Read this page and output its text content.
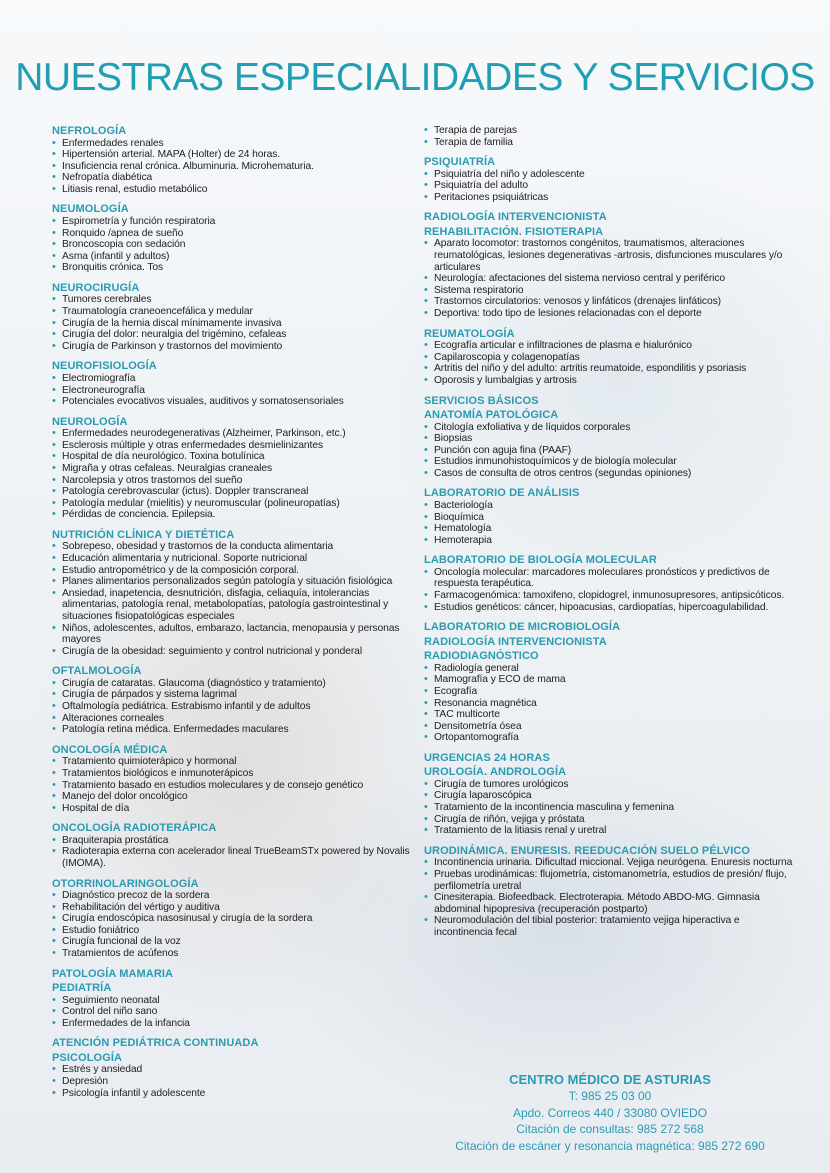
NUESTRAS ESPECIALIDADES Y SERVICIOS
NEFROLOGÍA
• Enfermedades renales
• Hipertensión arterial. MAPA (Holter) de 24 horas.
• Insuficiencia renal crónica. Albuminuria. Microhematuria.
• Nefropatía diabética
• Litiasis renal, estudio metabólico
NEUMOLOGÍA
• Espirometría y función respiratoria
• Ronquido /apnea de sueño
• Broncoscopia con sedación
• Asma (infantil y adultos)
• Bronquitis crónica. Tos
NEUROCIRUGÍA
• Tumores cerebrales
• Traumatología craneoencefálica y medular
• Cirugía de la hernia discal mínimamente invasiva
• Cirugía del dolor: neuralgia del trigémino, cefaleas
• Cirugía de Parkinson y trastornos del movimiento
NEUROFISIOLOGÍA
• Electromiografía
• Electroneurografía
• Potenciales evocativos visuales, auditivos y somatosensoriales
NEUROLOGÍA
• Enfermedades neurodegenerativas (Alzheimer, Parkinson, etc.)
• Esclerosis múltiple y otras enfermedades desmielinizantes
• Hospital de día neurológico. Toxina botulínica
• Migraña y otras cefaleas. Neuralgias craneales
• Narcolepsia y otros trastornos del sueño
• Patología cerebrovascular (ictus). Doppler transcraneal
• Patología medular (mielitis) y neuromuscular (polineuropatías)
• Pérdidas de conciencia. Epilepsia.
NUTRICIÓN CLÍNICA Y DIETÉTICA
• Sobrepeso, obesidad y trastornos de la conducta alimentaria
• Educación alimentaria y nutricional. Soporte nutricional
• Estudio antropométrico y de la composición corporal.
• Planes alimentarios personalizados según patología y situación fisiológica
• Ansiedad, inapetencia, desnutrición, disfagia, celiaquía, intolerancias alimentarias, patología renal, metabolopatías, patología gastrointestinal y situaciones fisiopatológicas especiales
• Niños, adolescentes, adultos, embarazo, lactancia, menopausia y personas mayores
• Cirugía de la obesidad: seguimiento y control nutricional y ponderal
OFTALMOLOGÍA
• Cirugía de cataratas. Glaucoma (diagnóstico y tratamiento)
• Cirugía de párpados y sistema lagrimal
• Oftalmología pediátrica. Estrabismo infantil y de adultos
• Alteraciones corneales
• Patología retina médica. Enfermedades maculares
ONCOLOGÍA MÉDICA
• Tratamiento quimioterápico y hormonal
• Tratamientos biológicos e inmunoterápicos
• Tratamiento basado en estudios moleculares y de consejo genético
• Manejo del dolor oncológico
• Hospital de día
ONCOLOGÍA RADIOTERÁPICA
• Braquiterapia prostática
• Radioterapia externa con acelerador lineal TrueBeamSTx powered by Novalis (IMOMA).
OTORRINOLARINGOLOGÍA
• Diagnóstico precoz de la sordera
• Rehabilitación del vértigo y auditiva
• Cirugía endoscópica nasosinusal y cirugía de la sordera
• Estudio foniátrico
• Cirugía funcional de la voz
• Tratamientos de acúfenos
PATOLOGÍA MAMARIA
PEDIATRÍA
• Seguimiento neonatal
• Control del niño sano
• Enfermedades de la infancia
ATENCIÓN PEDIÁTRICA CONTINUADA
PSICOLOGÍA
• Estrés y ansiedad
• Depresión
• Psicología infantil y adolescente
• Terapia de parejas
• Terapia de familia
PSIQUIATRÍA
• Psiquiatría del niño y adolescente
• Psiquiatría del adulto
• Peritaciones psiquiátricas
RADIOLOGÍA INTERVENCIONISTA
REHABILITACIÓN. FISIOTERAPIA
• Aparato locomotor: trastornos congénitos, traumatismos, alteraciones reumatológicas, lesiones degenerativas -artrosis, disfunciones musculares y/o articulares
• Neurología: afectaciones del sistema nervioso central y periférico
• Sistema respiratorio
• Trastornos circulatorios: venosos y linfáticos (drenajes linfáticos)
• Deportiva: todo tipo de lesiones relacionadas con el deporte
REUMATOLOGÍA
• Ecografía articular e infiltraciones de plasma e hialurónico
• Capilaroscopia y colagenopatías
• Artritis del niño y del adulto: artritis reumatoide, espondilitis y psoriasis
• Oporosis y lumbalgias y artrosis
SERVICIOS BÁSICOS
ANATOMÍA PATOLÓGICA
• Citología exfoliativa y de líquidos corporales
• Biopsias
• Punción con aguja fina (PAAF)
• Estudios inmunohistoquímicos y de biología molecular
• Casos de consulta de otros centros (segundas opiniones)
LABORATORIO DE ANÁLISIS
• Bacteriología
• Bioquímica
• Hematología
• Hemoterapia
LABORATORIO DE BIOLOGÍA MOLECULAR
• Oncología molecular: marcadores moleculares pronósticos y predictivos de respuesta terapéutica.
• Farmacogenómica: tamoxifeno, clopidogrel, inmunosupresores, antipsicóticos.
• Estudios genéticos: cáncer, hipoacusias, cardiopatías, hipercoagulabilidad.
LABORATORIO DE MICROBIOLOGÍA
RADIOLOGÍA INTERVENCIONISTA
RADIODIAGNÓSTICO
• Radiología general
• Mamografía y ECO de mama
• Ecografía
• Resonancia magnética
• TAC multicorte
• Densitometría ósea
• Ortopantomografía
URGENCIAS 24 HORAS
UROLOGÍA. ANDROLOGÍA
• Cirugía de tumores urológicos
• Cirugía laparoscópica
• Tratamiento de la incontinencia masculina y femenina
• Cirugía de riñón, vejiga y próstata
• Tratamiento de la litiasis renal y uretral
URODINÁMICA. ENURESIS. REEDUCACIÓN SUELO PÉLVICO
• Incontinencia urinaria. Dificultad miccional. Vejiga neurógena. Enuresis nocturna
• Pruebas urodinámicas: flujometría, cistomanometría, estudios de presión/ flujo, perfilometría uretral
• Cinesiterapia. Biofeedback. Electroterapia. Método ABDO-MG. Gimnasia abdominal hipopresiva (recuperación postparto)
• Neuromodulación del tibial posterior: tratamiento vejiga hiperactiva e incontinencia fecal
CENTRO MÉDICO DE ASTURIAS
T: 985 25 03 00
Apdo. Correos 440 / 33080 OVIEDO
Citación de consultas: 985 272 568
Citación de escáner y resonancia magnética: 985 272 690
